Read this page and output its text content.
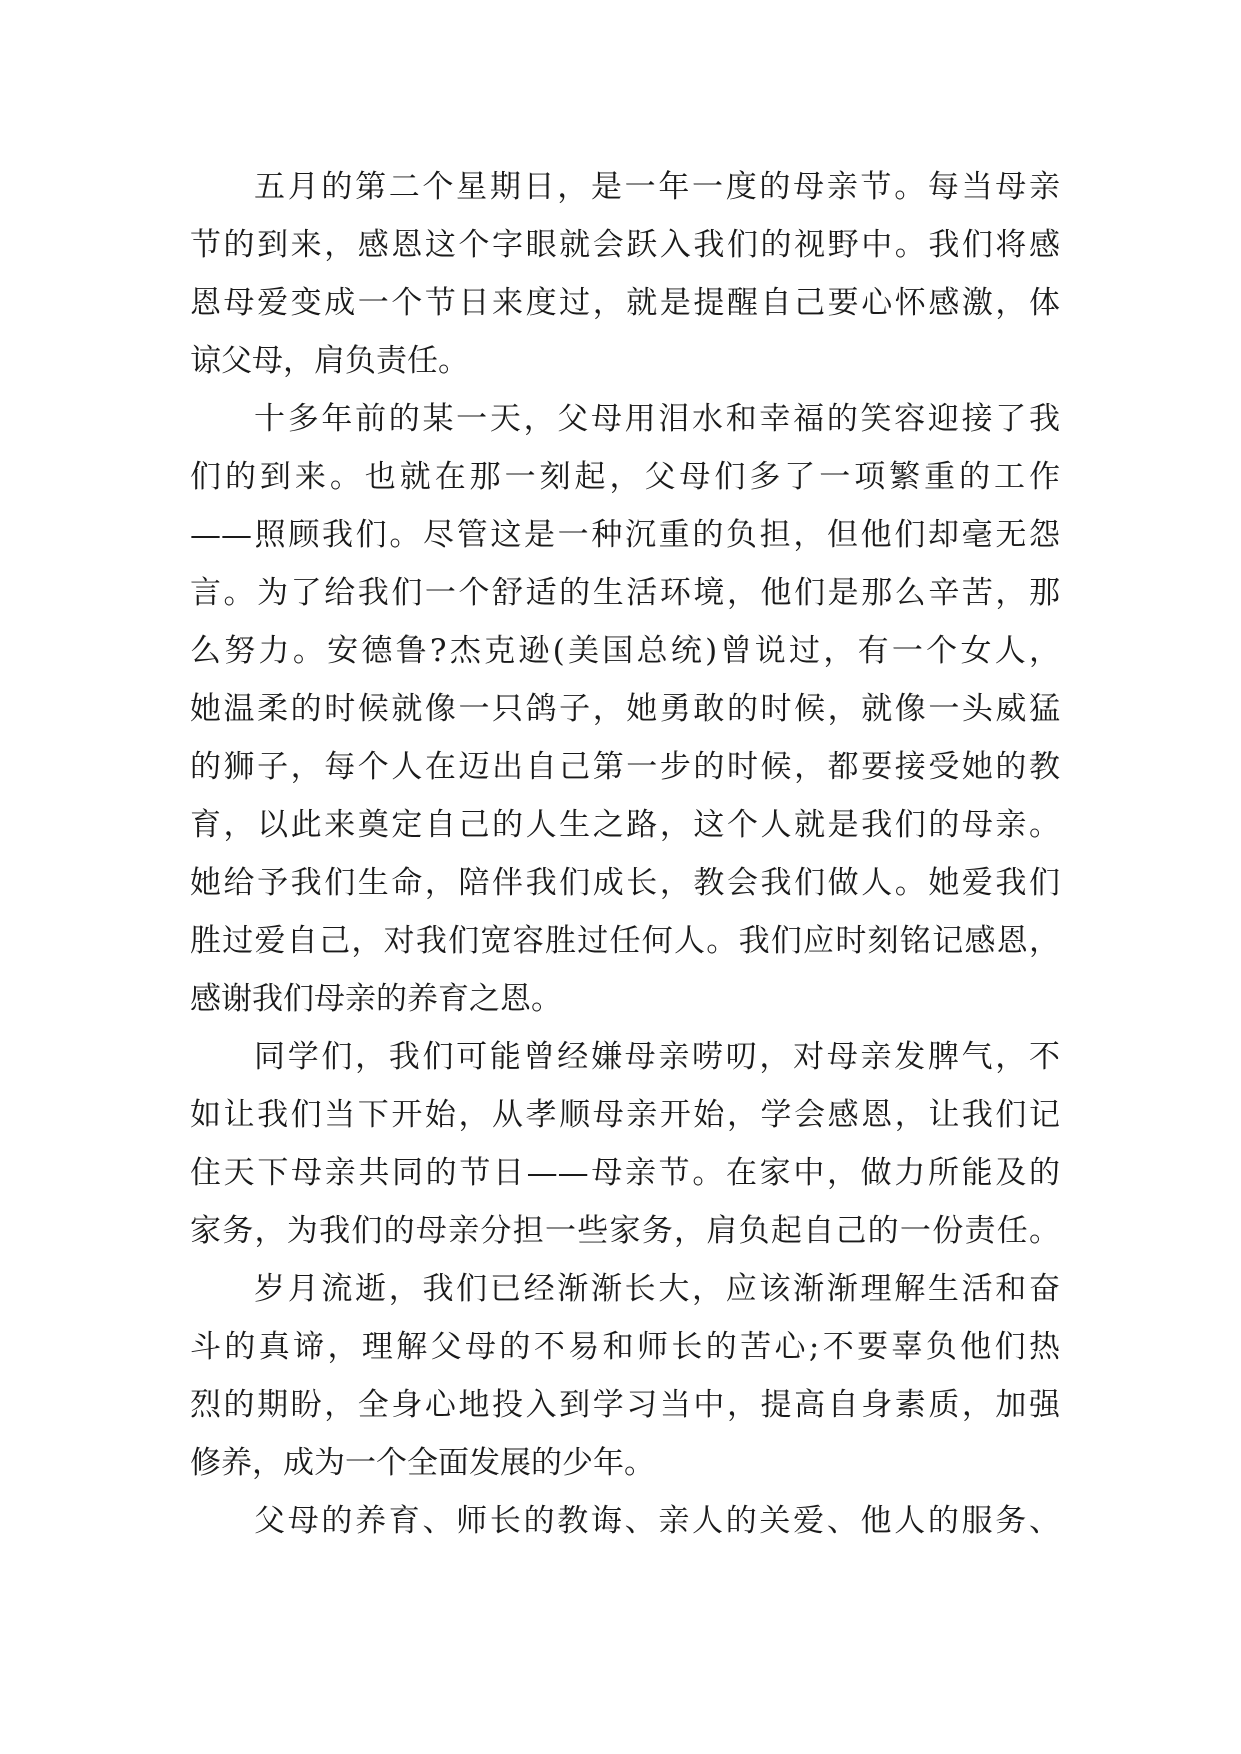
五月的第二个星期日，是一年一度的母亲节。每当母亲
节的到来，感恩这个字眼就会跃入我们的视野中。我们将感
恩母爱变成一个节日来度过，就是提醒自己要心怀感激，体
谅父母，肩负责任。
十多年前的某一天，父母用泪水和幸福的笑容迎接了我
们的到来。也就在那一刻起，父母们多了一项繁重的工作
——照顾我们。尽管这是一种沉重的负担，但他们却毫无怨
言。为了给我们一个舒适的生活环境，他们是那么辛苦，那
么努力。安德鲁?杰克逊(美国总统)曾说过，有一个女人，
她温柔的时候就像一只鸽子，她勇敢的时候，就像一头威猛
的狮子，每个人在迈出自己第一步的时候，都要接受她的教
育，以此来奠定自己的人生之路，这个人就是我们的母亲。
她给予我们生命，陪伴我们成长，教会我们做人。她爱我们
胜过爱自己，对我们宽容胜过任何人。我们应时刻铭记感恩，
感谢我们母亲的养育之恩。
同学们，我们可能曾经嫌母亲唠叨，对母亲发脾气，不
如让我们当下开始，从孝顺母亲开始，学会感恩，让我们记
住天下母亲共同的节日——母亲节。在家中，做力所能及的
家务，为我们的母亲分担一些家务，肩负起自己的一份责任。
岁月流逝，我们已经渐渐长大，应该渐渐理解生活和奋
斗的真谛，理解父母的不易和师长的苦心;不要辜负他们热
烈的期盼，全身心地投入到学习当中，提高自身素质，加强
修养，成为一个全面发展的少年。
父母的养育、师长的教诲、亲人的关爱、他人的服务、
